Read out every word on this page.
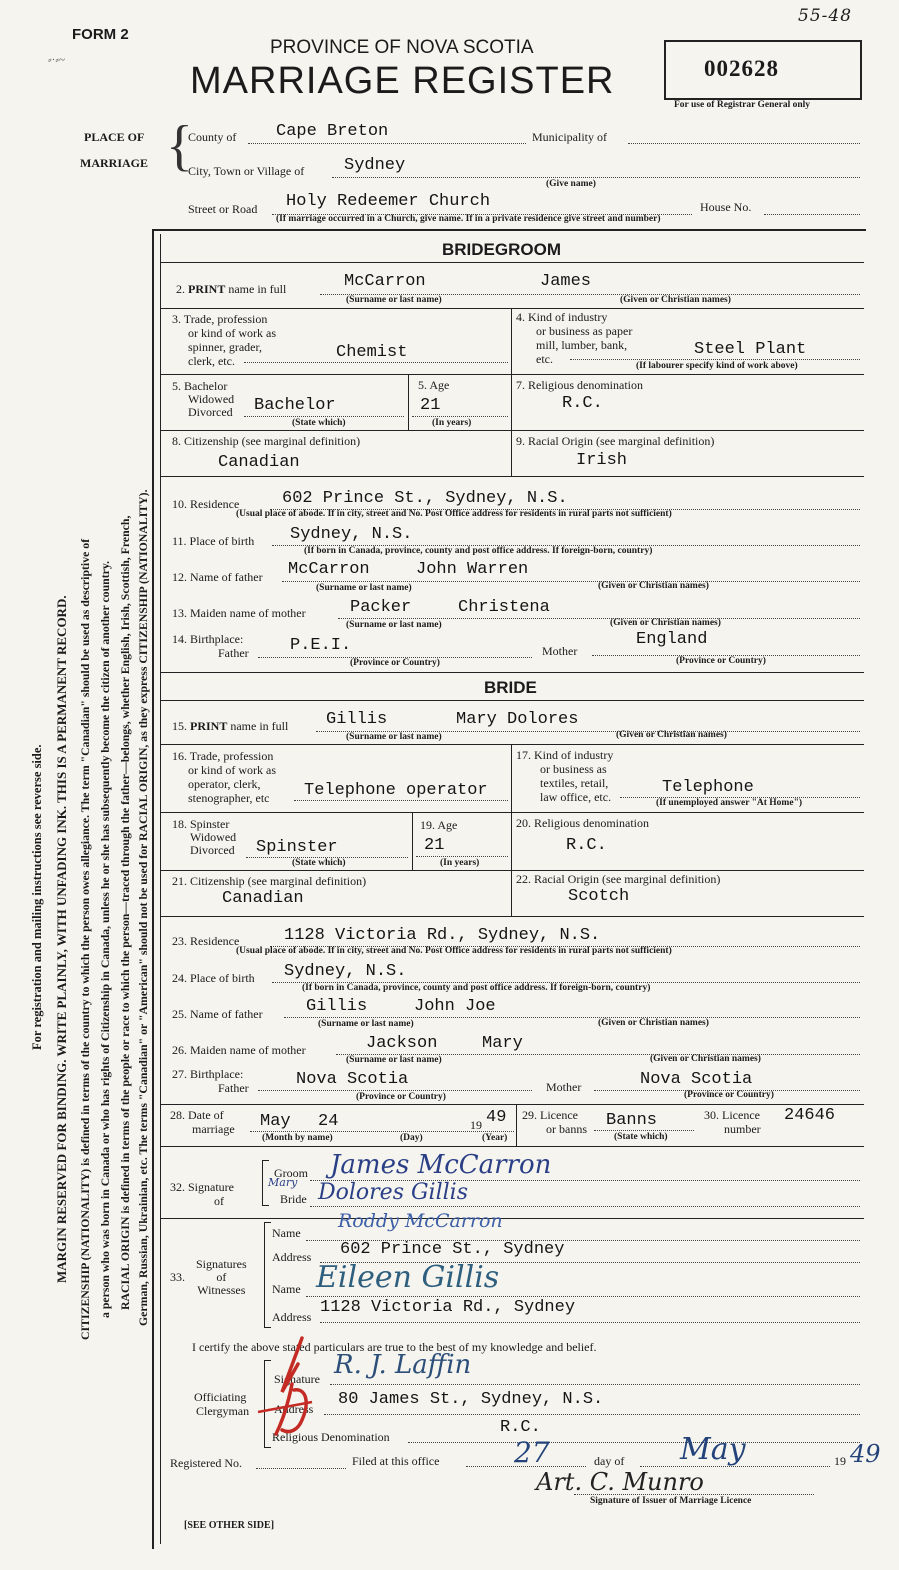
FORM 2
⸗·⸗~
55-48
PROVINCE OF NOVA SCOTIA
MARRIAGE REGISTER	002628
For use of Registrar General only
For registration and mailing instructions see reverse side. MARGIN RESERVED FOR BINDING. WRITE PLAINLY, WITH UNFADING INK. THIS IS A PERMANENT RECORD. CITIZENSHIP (NATIONALITY) is defined in terms of the country to which the person owes allegiance. The term "Canadian" should be used as descriptive of a person who was born in Canada or who has rights of Citizenship in Canada, unless he or she has subsequently become the citizen of another country. RACIAL ORIGIN is defined in terms of the people or race to which the person—traced through the father—belongs, whether English, Irish, Scottish, French, German, Russian, Ukrainian, etc. The terms "Canadian" or "American" should not be used for RACIAL ORIGIN, as they express CITIZENSHIP (NATIONALITY).
PLACE OF
MARRIAGE {
County of Cape Breton	Municipality of
City, Town or Village of Sydney
(Give name)
Street or Road Holy Redeemer Church	House No.
(If marriage occurred in a Church, give name. If in a private residence give street and number)
BRIDEGROOM
2. PRINT name in full	McCarron	James
(Surname or last name)	(Given or Christian names)
3. Trade, profession
or kind of work as
spinner, grader,
clerk, etc.	Chemist
4. Kind of industry
or business as paper
mill, lumber, bank,
etc.	Steel Plant
(If labourer specify kind of work above)
5. Bachelor
Widowed
Divorced Bachelor
(State which)
5. Age
21
(In years)
7. Religious denomination
R.C.
8. Citizenship (see marginal definition)
Canadian
9. Racial Origin (see marginal definition)
Irish
10. Residence	602 Prince St., Sydney, N.S.
(Usual place of abode. If in city, street and No. Post Office address for residents in rural parts not sufficient)
11. Place of birth Sydney, N.S.
(If born in Canada, province, county and post office address. If foreign-born, country)
12. Name of father McCarron	John Warren
(Surname or last name)	(Given or Christian names)
13. Maiden name of mother	Packer	Christena
(Surname or last name)	(Given or Christian names)
14. Birthplace:
Father P.E.I.
(Province or Country)
Mother
England
(Province or Country)
BRIDE
15. PRINT name in full Gillis	Mary Dolores
(Surname or last name)	(Given or Christian names)
16. Trade, profession
or kind of work as
operator, clerk,
stenographer, etc	Telephone operator
17. Kind of industry
or business as
textiles, retail,
law office, etc.	Telephone
(If unemployed answer "At Home")
18. Spinster
Widowed
Divorced Spinster
(State which)
19. Age
21
(In years)
20. Religious denomination
R.C.
21. Citizenship (see marginal definition)
Canadian
22. Racial Origin (see marginal definition)
Scotch
23. Residence	1128 Victoria Rd., Sydney, N.S.
(Usual place of abode. If in city, street and No. Post Office address for residents in rural parts not sufficient)
24. Place of birth Sydney, N.S.
(If born in Canada, province, county and post office address. If foreign-born, country)
25. Name of father	Gillis	John Joe
(Surname or last name)	(Given or Christian names)
26. Maiden name of mother	Jackson	Mary
(Surname or last name)	(Given or Christian names)
27. Birthplace:
Father	Nova Scotia
(Province or Country)
Mother	Nova Scotia
(Province or Country)
28. Date of
marriage May 24	19 49
(Month by name)	(Day)	(Year)
29. Licence
or banns Banns
(State which)
30. Licence
number
24646
32. Signature
of
Groom James McCarron
Bride
Mary Dolores Gillis
33.
Signatures
of
Witnesses
Name
Roddy McCarron
Address 602 Prince St., Sydney
Name Eileen Gillis
Address 1128 Victoria Rd., Sydney
I certify the above stated particulars are true to the best of my knowledge and belief.
Officiating
Clergyman
Signature R. J. Laffin
Address 80 James St., Sydney, N.S.
Religious Denomination	R.C.
Registered No.	Filed at this office	27	day of May	19 49
Art. C. Munro
Signature of Issuer of Marriage Licence
[SEE OTHER SIDE]
